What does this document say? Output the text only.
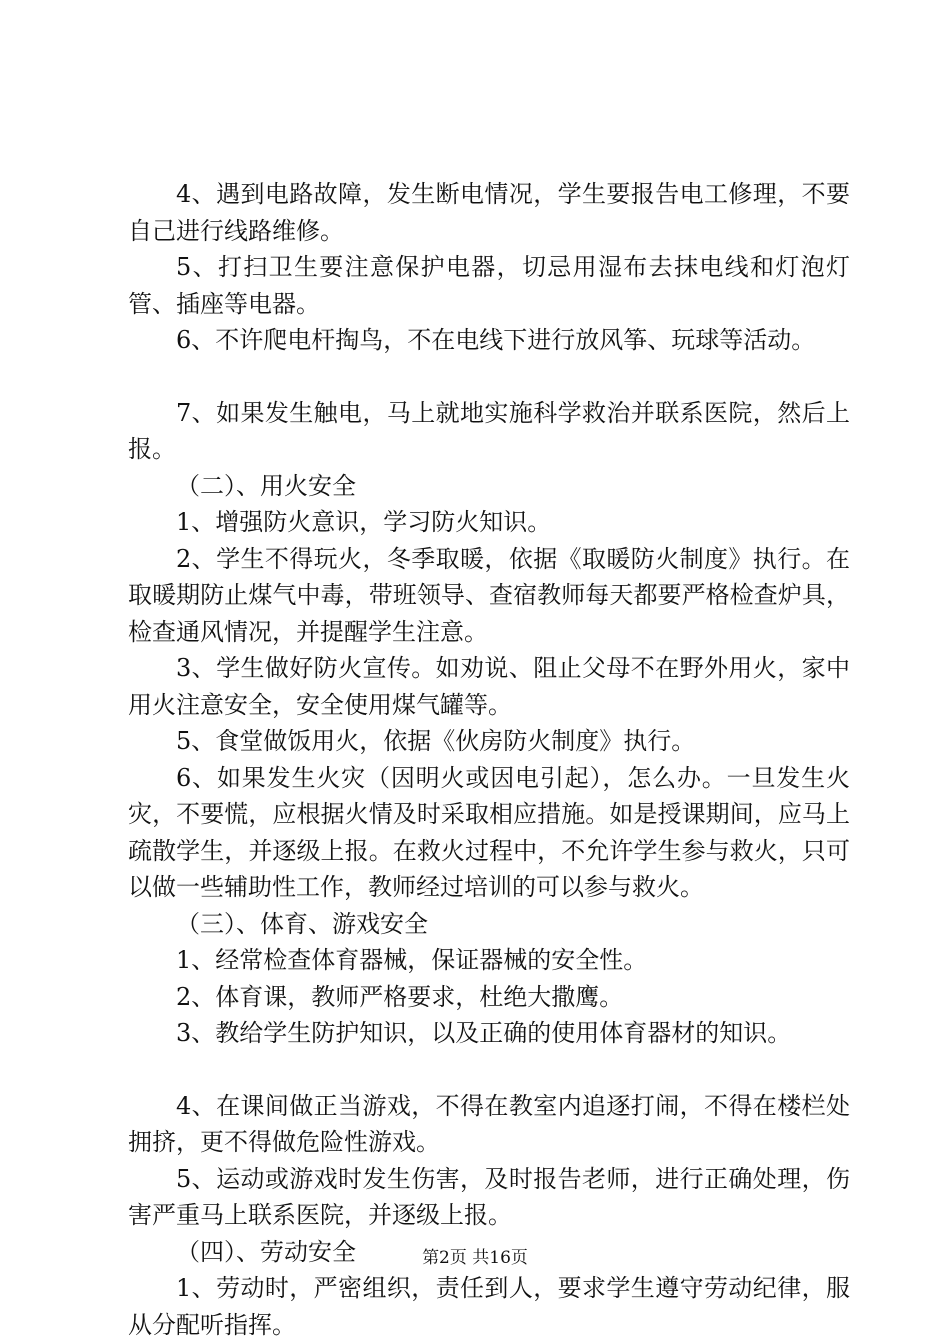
4、遇到电路故障，发生断电情况，学生要报告电工修理，不要自己进行线路维修。

5、打扫卫生要注意保护电器，切忌用湿布去抹电线和灯泡灯管、插座等电器。

6、不许爬电杆掏鸟，不在电线下进行放风筝、玩球等活动。

7、如果发生触电，马上就地实施科学救治并联系医院，然后上报。

（二）、用火安全

1、增强防火意识，学习防火知识。

2、学生不得玩火，冬季取暖，依据《取暖防火制度》执行。在取暖期防止煤气中毒，带班领导、查宿教师每天都要严格检查炉具，检查通风情况，并提醒学生注意。

3、学生做好防火宣传。如劝说、阻止父母不在野外用火，家中用火注意安全，安全使用煤气罐等。

5、食堂做饭用火，依据《伙房防火制度》执行。

6、如果发生火灾（因明火或因电引起），怎么办。一旦发生火灾，不要慌，应根据火情及时采取相应措施。如是授课期间，应马上疏散学生，并逐级上报。在救火过程中，不允许学生参与救火，只可以做一些辅助性工作，教师经过培训的可以参与救火。

（三）、体育、游戏安全

1、经常检查体育器械，保证器械的安全性。

2、体育课，教师严格要求，杜绝大撒鹰。

3、教给学生防护知识，以及正确的使用体育器材的知识。

4、在课间做正当游戏，不得在教室内追逐打闹，不得在楼栏处拥挤，更不得做危险性游戏。

5、运动或游戏时发生伤害，及时报告老师，进行正确处理，伤害严重马上联系医院，并逐级上报。

（四）、劳动安全

1、劳动时，严密组织，责任到人，要求学生遵守劳动纪律，服从分配听指挥。

第2页 共16页
